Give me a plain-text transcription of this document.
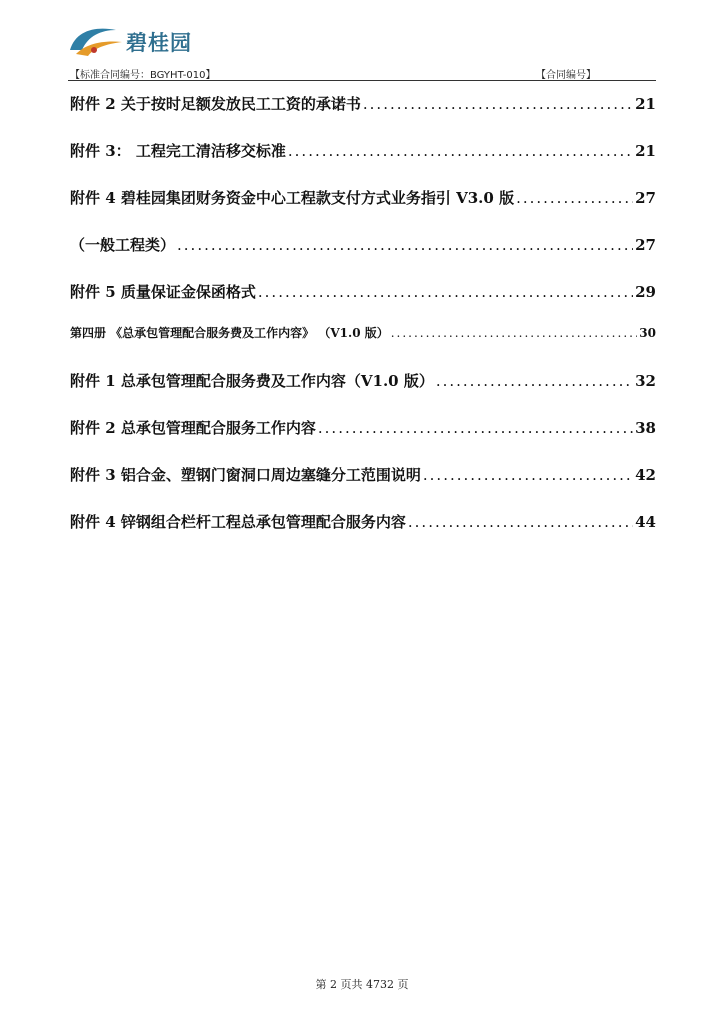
碧桂园
【标准合同编号：BGYHT-010】	【合同编号】
附件 2 关于按时足额发放民工工资的承诺书 .....	21
附件 3： 工程完工清洁移交标准 .....	21
附件 4 碧桂园集团财务资金中心工程款支付方式业务指引 V3.0 版 .....	27
（一般工程类） .....	27
附件 5 质量保证金保函格式 .....	29
第四册 《总承包管理配合服务费及工作内容》 （V1.0 版） .....	30
附件 1 总承包管理配合服务费及工作内容（V1.0 版） .....	32
附件 2 总承包管理配合服务工作内容 .....	38
附件 3 铝合金、塑钢门窗洞口周边塞缝分工范围说明 .....	42
附件 4 锌钢组合栏杆工程总承包管理配合服务内容 .....	44
第 2 页共 4732 页
